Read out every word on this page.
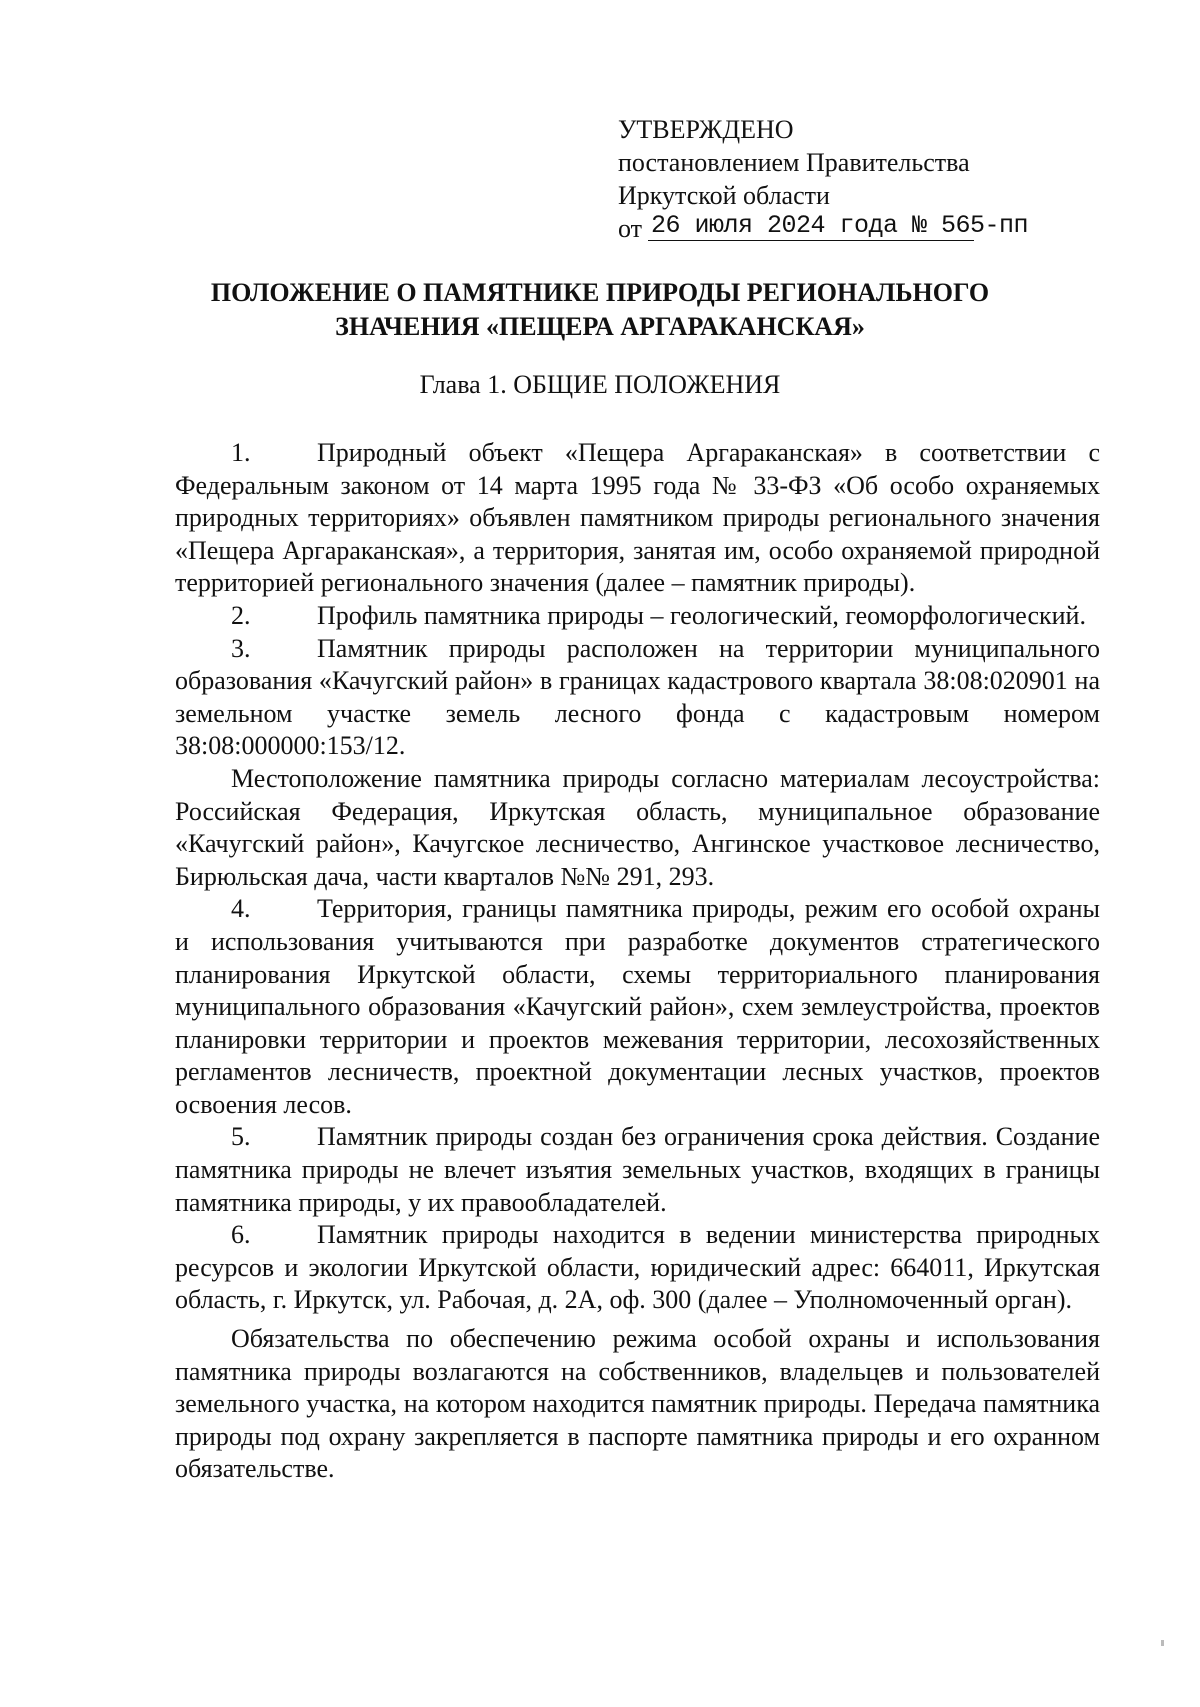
УТВЕРЖДЕНО
постановлением Правительства
Иркутской области
от 26 июля 2024 года № 565-пп
ПОЛОЖЕНИЕ О ПАМЯТНИКЕ ПРИРОДЫ РЕГИОНАЛЬНОГО
ЗНАЧЕНИЯ «ПЕЩЕРА АРГАРАКАНСКАЯ»
Глава 1. ОБЩИЕ ПОЛОЖЕНИЯ

1.	Природный объект «Пещера Аргараканская» в соответствии с Федеральным законом от 14 марта 1995 года № 33-ФЗ «Об особо охраняемых природных территориях» объявлен памятником природы регионального значения «Пещера Аргараканская», а территория, занятая им, особо охраняемой природной территорией регионального значения (далее – памятник природы).

2.	Профиль памятника природы – геологический, геоморфологический.

3.	Памятник природы расположен на территории муниципального образования «Качугский район» в границах кадастрового квартала 38:08:020901 на земельном участке земель лесного фонда с кадастровым номером 38:08:000000:153/12.

Местоположение памятника природы согласно материалам лесоустройства: Российская Федерация, Иркутская область, муниципальное образование «Качугский район», Качугское лесничество, Ангинское участковое лесничество, Бирюльская дача, части кварталов №№ 291, 293.

4.	Территория, границы памятника природы, режим его особой охраны и использования учитываются при разработке документов стратегического планирования Иркутской области, схемы территориального планирования муниципального образования «Качугский район», схем землеустройства, проектов планировки территории и проектов межевания территории, лесохозяйственных регламентов лесничеств, проектной документации лесных участков, проектов освоения лесов.

5.	Памятник природы создан без ограничения срока действия. Создание памятника природы не влечет изъятия земельных участков, входящих в границы памятника природы, у их правообладателей.

6.	Памятник природы находится в ведении министерства природных ресурсов и экологии Иркутской области, юридический адрес: 664011, Иркутская область, г. Иркутск, ул. Рабочая, д. 2А, оф. 300 (далее – Уполномоченный орган).

Обязательства по обеспечению режима особой охраны и использования памятника природы возлагаются на собственников, владельцев и пользователей земельного участка, на котором находится памятник природы. Передача памятника природы под охрану закрепляется в паспорте памятника природы и его охранном обязательстве.
